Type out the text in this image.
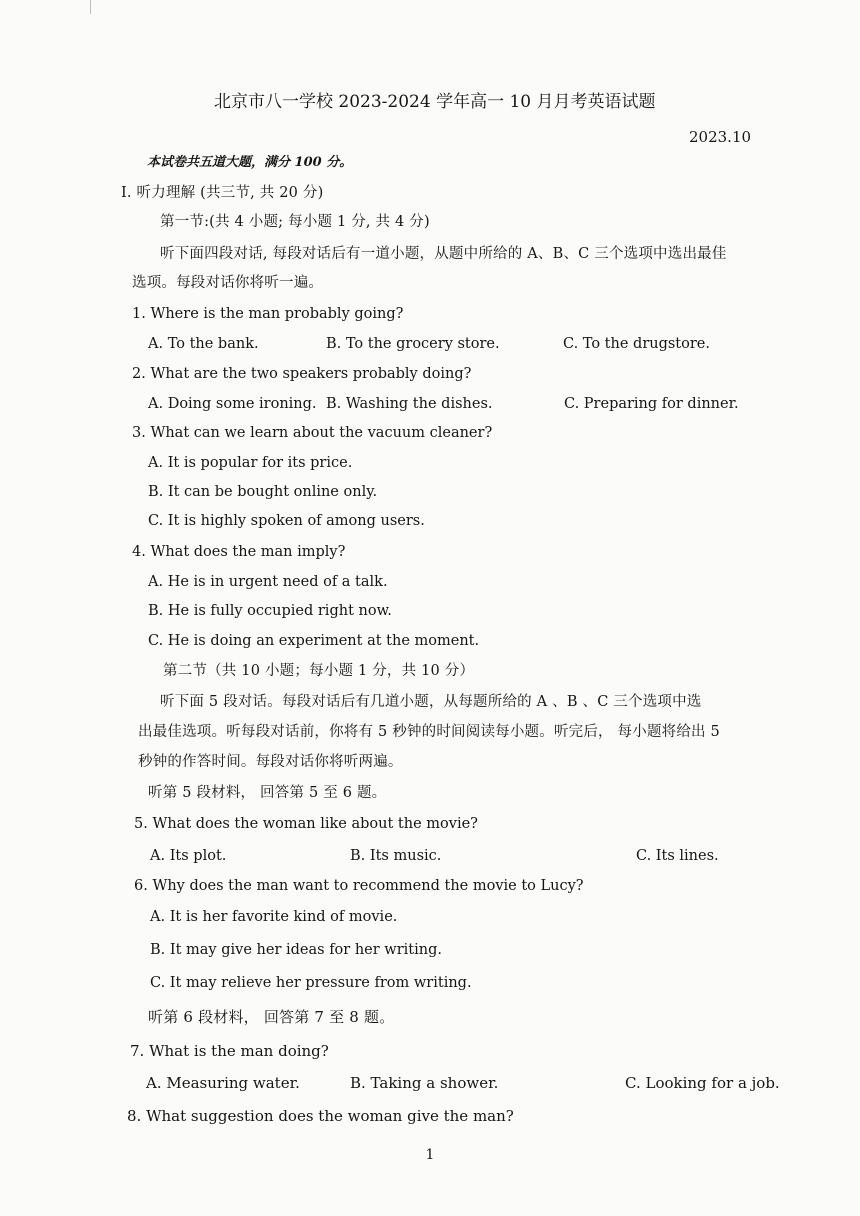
北京市八一学校 2023-2024 学年高一 10 月月考英语试题
2023.10
本试卷共五道大题，满分 100 分。
I. 听力理解 (共三节, 共 20 分)
第一节:(共 4 小题; 每小题 1 分, 共 4 分)
听下面四段对话, 每段对话后有一道小题，从题中所给的 A、B、C 三个选项中选出最佳
选项。每段对话你将听一遍。
1. Where is the man probably going?
A. To the bank.	B. To the grocery store.	C. To the drugstore.
2. What are the two speakers probably doing?
A. Doing some ironing. B. Washing the dishes.	C. Preparing for dinner.
3. What can we learn about the vacuum cleaner?
A. It is popular for its price.
B. It can be bought online only.
C. It is highly spoken of among users.
4. What does the man imply?
A. He is in urgent need of a talk.
B. He is fully occupied right now.
C. He is doing an experiment at the moment.
第二节（共 10 小题；每小题 1 分，共 10 分）
听下面 5 段对话。每段对话后有几道小题，从每题所给的 A 、B 、C 三个选项中选
出最佳选项。听每段对话前，你将有 5 秒钟的时间阅读每小题。听完后， 每小题将给出 5
秒钟的作答时间。每段对话你将听两遍。
听第 5 段材料， 回答第 5 至 6 题。
5. What does the woman like about the movie?
A. Its plot.	B. Its music.	C. Its lines.
6. Why does the man want to recommend the movie to Lucy?
A. It is her favorite kind of movie.
B. It may give her ideas for her writing.
C. It may relieve her pressure from writing.
听第 6 段材料， 回答第 7 至 8 题。
7. What is the man doing?
A. Measuring water.	B. Taking a shower.	C. Looking for a job.
8. What suggestion does the woman give the man?
1
